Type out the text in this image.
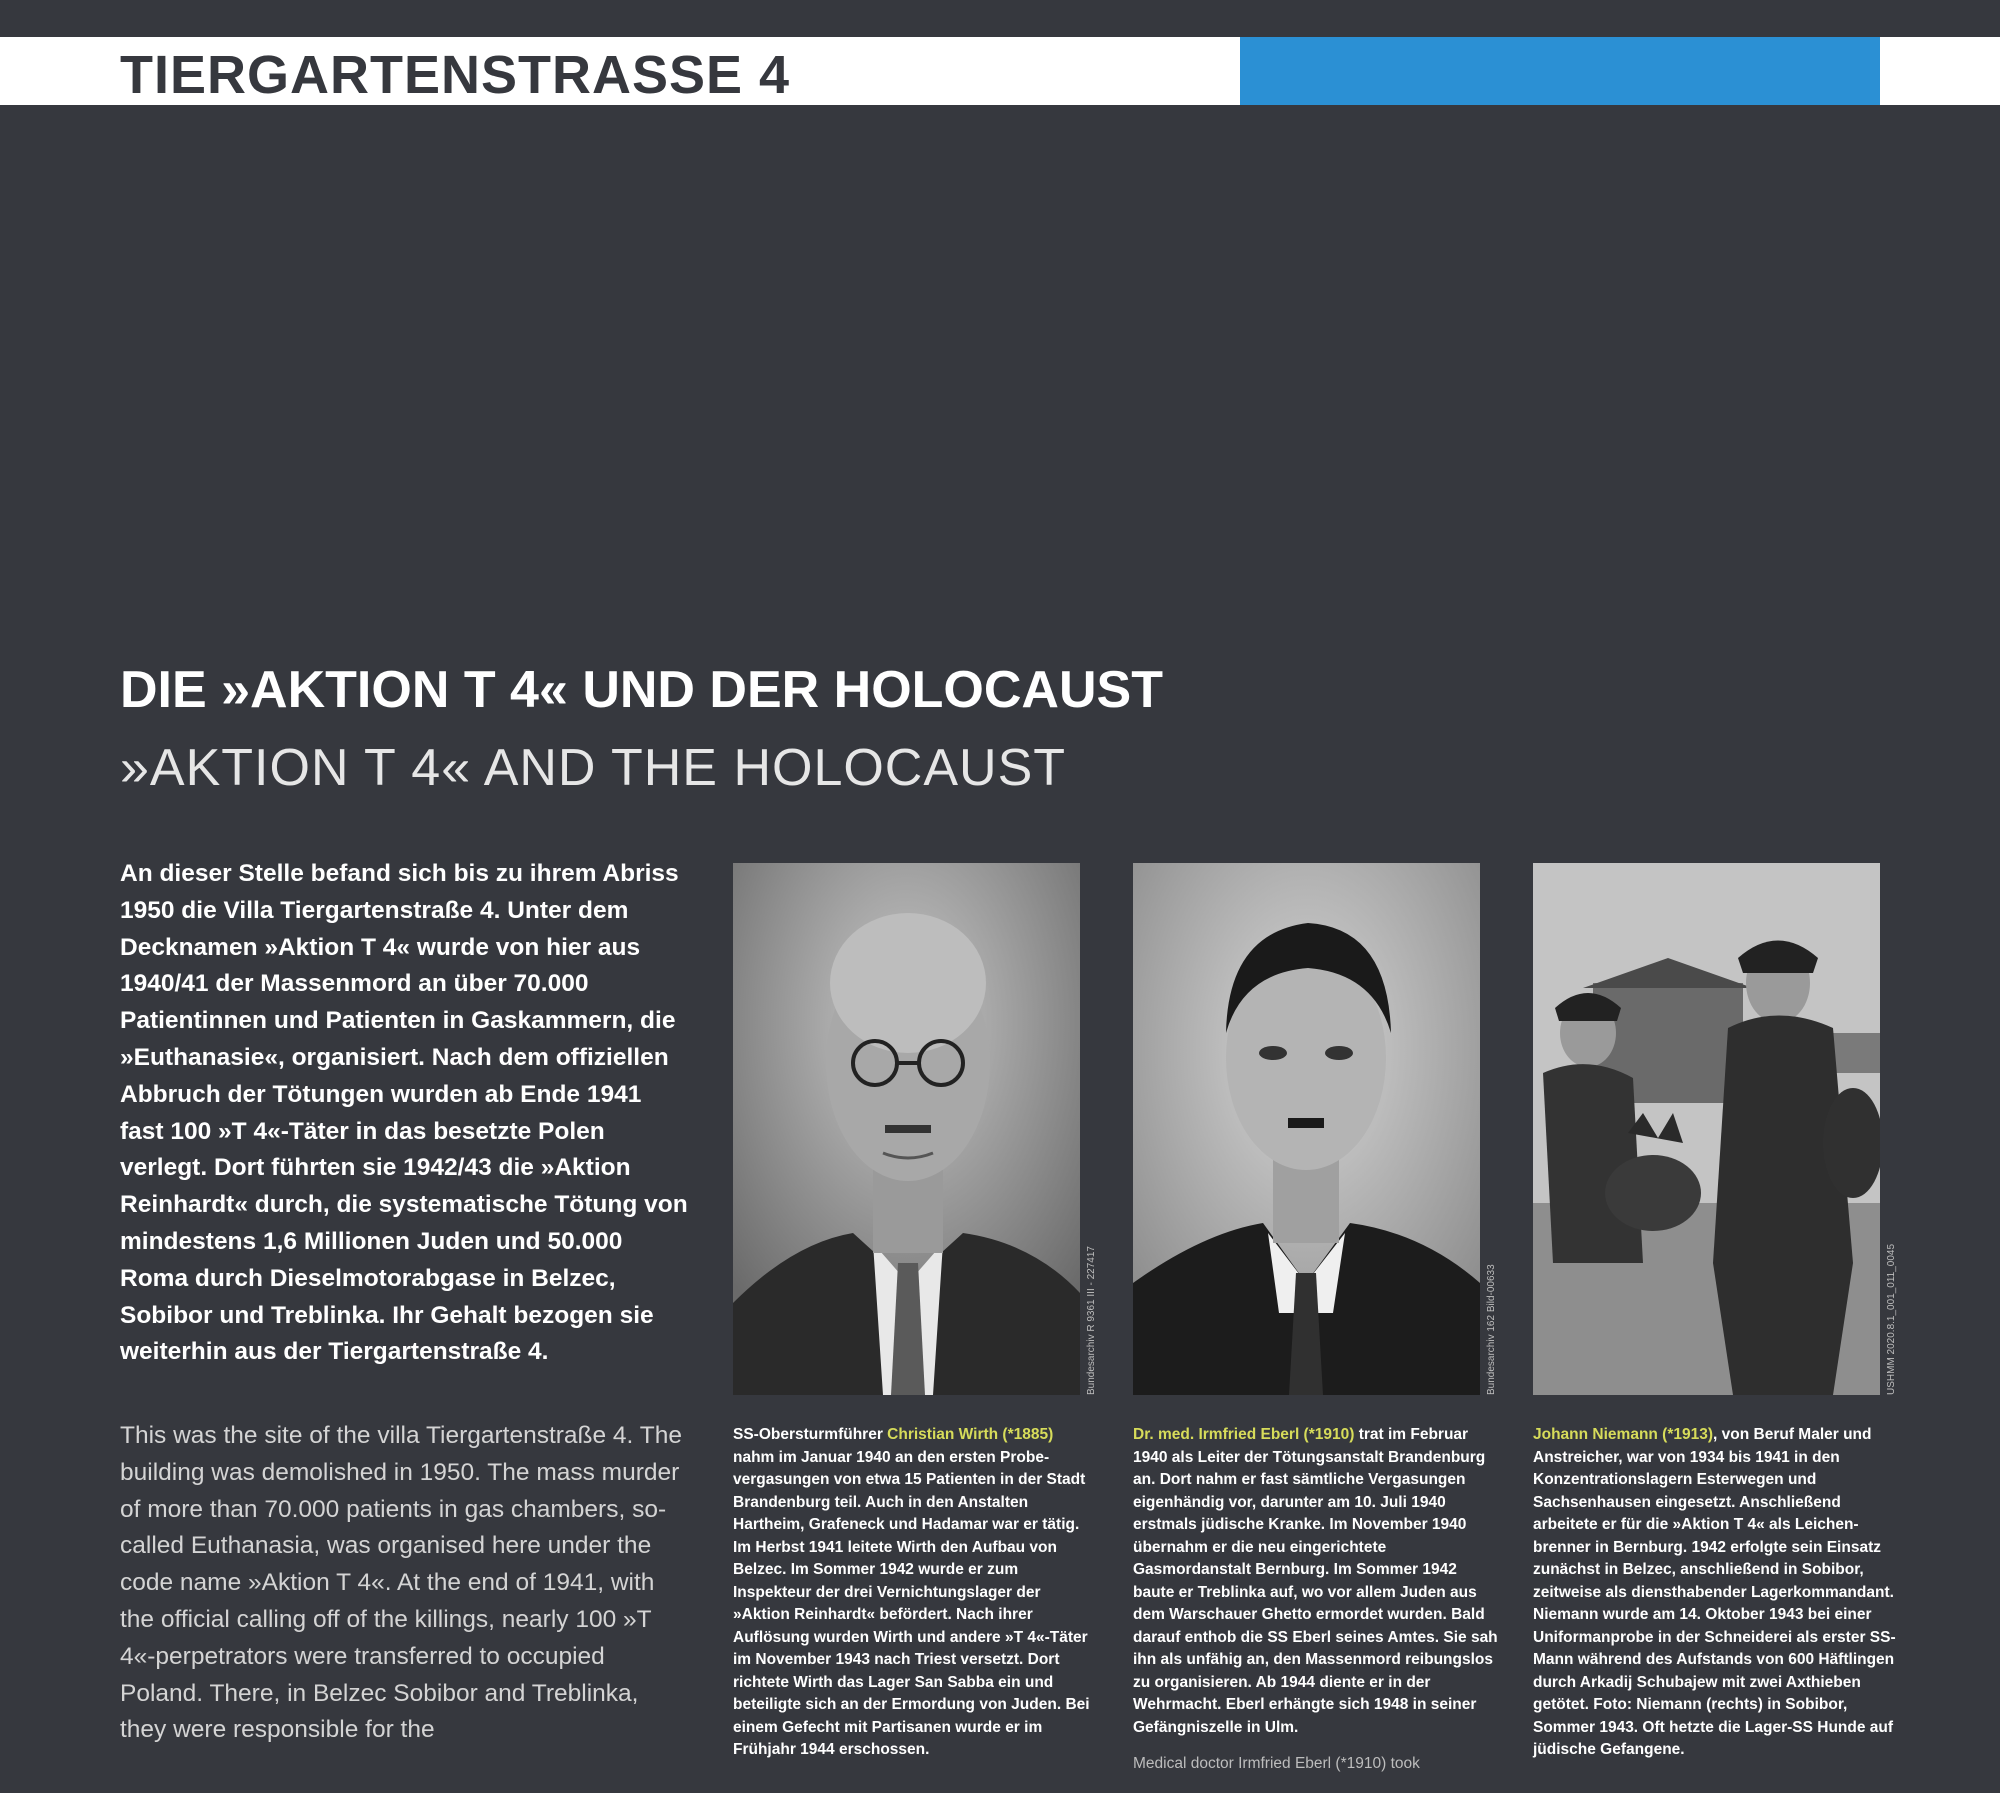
TIERGARTENSTRASSE 4
DIE »AKTION T 4« UND DER HOLOCAUST
»AKTION T 4« AND THE HOLOCAUST

An dieser Stelle befand sich bis zu ihrem Abriss 1950 die Villa Tiergartenstraße 4. Unter dem Decknamen »Aktion T 4« wurde von hier aus 1940/41 der Massenmord an über 70.000 Patientinnen und Patienten in Gaskammern, die »Euthanasie«, organisiert. Nach dem offiziellen Abbruch der Tötungen wurden ab Ende 1941 fast 100 »T 4«-Täter in das besetzte Polen verlegt. Dort führten sie 1942/43 die »Aktion Reinhardt« durch, die systematische Tötung von mindestens 1,6 Millionen Juden und 50.000 Roma durch Dieselmotorabgase in Belzec, Sobibor und Treblinka. Ihr Gehalt bezogen sie weiterhin aus der Tiergartenstraße 4.

This was the site of the villa Tiergartenstraße 4. The building was demolished in 1950. The mass murder of more than 70.000 patients in gas chambers, so-called Euthanasia, was organised here under the code name »Aktion T 4«. At the end of 1941, with the official calling off of the killings, nearly 100 »T 4«-perpetrators were transferred to occupied Poland. There, in Belzec Sobibor and Treblinka, they were responsible for the

Bundesarchiv R 9361 III - 227417	Bundesarchiv 162 Bild-00633	USHMM 2020.8.1_001_011_0045
SS-Obersturmführer Christian Wirth (*1885) nahm im Januar 1940 an den ersten Probe-vergasungen von etwa 15 Patienten in der Stadt Brandenburg teil. Auch in den Anstalten Hartheim, Grafeneck und Hadamar war er tätig. Im Herbst 1941 leitete Wirth den Aufbau von Belzec. Im Sommer 1942 wurde er zum Inspekteur der drei Vernichtungslager der »Aktion Reinhardt« befördert. Nach ihrer Auflösung wurden Wirth und andere »T 4«-Täter im November 1943 nach Triest versetzt. Dort richtete Wirth das Lager San Sabba ein und beteiligte sich an der Ermordung von Juden. Bei einem Gefecht mit Partisanen wurde er im Frühjahr 1944 erschossen.
Dr. med. Irmfried Eberl (*1910) trat im Februar 1940 als Leiter der Tötungsanstalt Brandenburg an. Dort nahm er fast sämtliche Vergasungen eigenhändig vor, darunter am 10. Juli 1940 erstmals jüdische Kranke. Im November 1940 übernahm er die neu eingerichtete Gasmordanstalt Bernburg. Im Sommer 1942 baute er Treblinka auf, wo vor allem Juden aus dem Warschauer Ghetto ermordet wurden. Bald darauf enthob die SS Eberl seines Amtes. Sie sah ihn als unfähig an, den Massenmord reibungslos zu organisieren. Ab 1944 diente er in der Wehrmacht. Eberl erhängte sich 1948 in seiner Gefängniszelle in Ulm.
Medical doctor Irmfried Eberl (*1910) took
Johann Niemann (*1913), von Beruf Maler und Anstreicher, war von 1934 bis 1941 in den Konzentrationslagern Esterwegen und Sachsenhausen eingesetzt. Anschließend arbeitete er für die »Aktion T 4« als Leichen-brenner in Bernburg. 1942 erfolgte sein Einsatz zunächst in Belzec, anschließend in Sobibor, zeitweise als diensthabender Lagerkommandant. Niemann wurde am 14. Oktober 1943 bei einer Uniformanprobe in der Schneiderei als erster SS-Mann während des Aufstands von 600 Häftlingen durch Arkadij Schubajew mit zwei Axthieben getötet. Foto: Niemann (rechts) in Sobibor, Sommer 1943. Oft hetzte die Lager-SS Hunde auf jüdische Gefangene.
